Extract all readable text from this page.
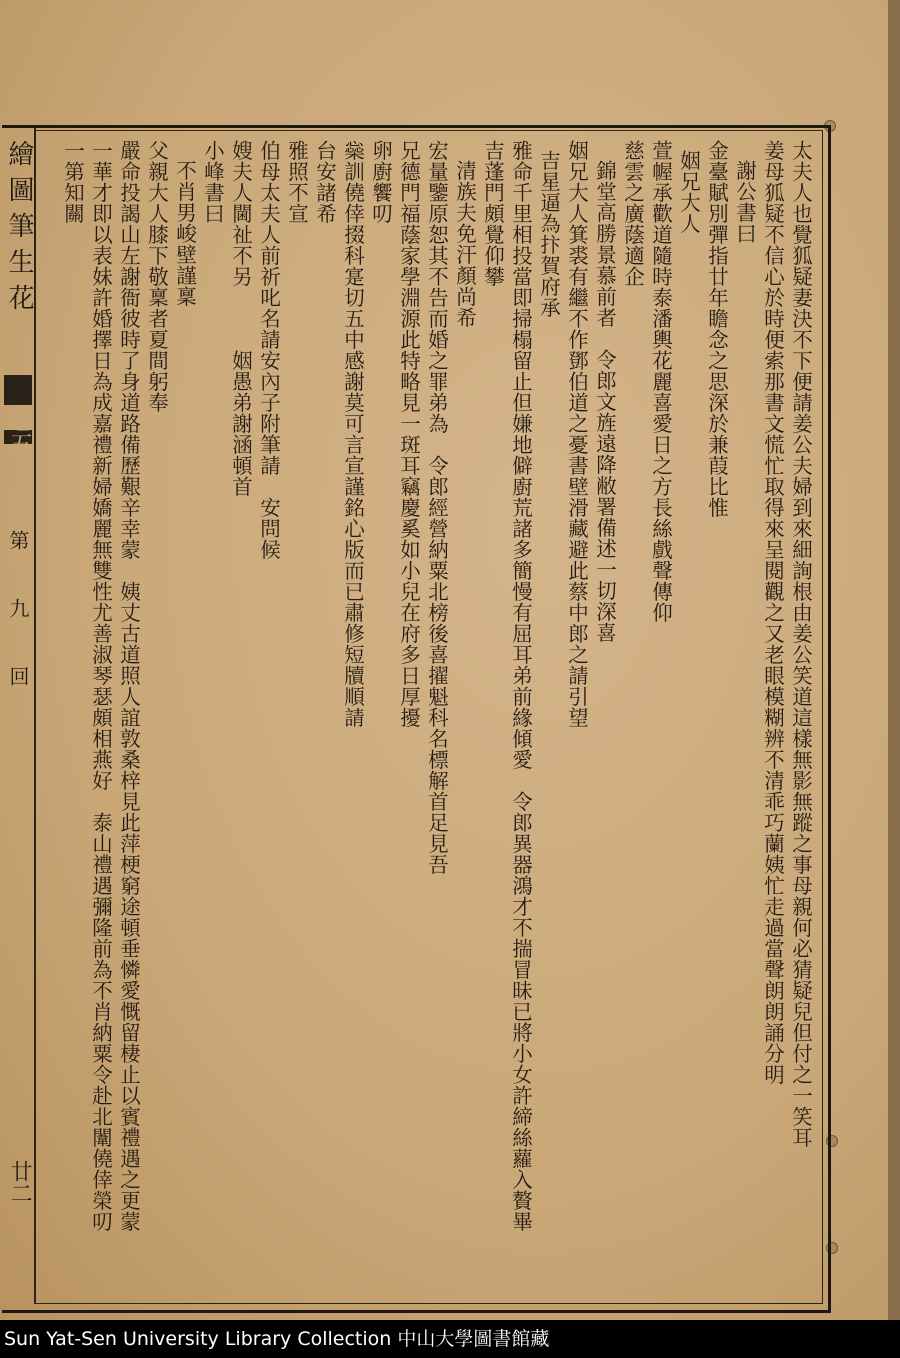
繪圖筆生花
卷五
第　九　回
廿二
太夫人也覺狐疑妻決不下便請姜公夫婦到來細詢根由姜公笑道這樣無影無蹤之事母親何必猜疑兒但付之一笑耳
姜母狐疑不信心於時便索那書文慌忙取得來呈閱觀之又老眼模糊辨不清乖巧蘭姨忙走過當聲朗朗誦分明
謝公書曰
金臺賦別彈指廿年瞻念之思深於兼葭比惟
姻兄大人
萱幄承歡道隨時泰潘輿花麗喜愛日之方長絲戲聲傳仰
慈雲之廣蔭適企
錦堂高勝景慕前者　令郎文旌遠降敝署備述一切深喜
姻兄大人箕裘有繼不作鄧伯道之憂書壁滑藏避此蔡中郎之請引望
吉星逼為抃賀府承
雅命千里相投當即掃榻留止但嫌地僻廚荒諸多簡慢有屈耳弟前緣傾愛　令郎異器鴻才不揣冒昧已將小女許締絲蘿入贅畢
吉蓬門頗覺仰攀
清族夫免汗顏尚希
宏量鑒原恕其不告而婚之罪弟為　令郎經營納粟北榜後喜擢魁科名標解首足見吾
兄德門福蔭家學淵源此特略見一斑耳竊慶奚如小兒在府多日厚擾
卵廚饗叨
橤訓僥倖掇科寔切五中感謝莫可言宣謹銘心版而已肅修短牘順請
台安諸希
雅照不宣
伯母太夫人前祈叱名請安內子附筆請　安問候
嫂夫人閫祉不另　　　姻愚弟謝涵頓首
小峰書曰
不肖男峻壁謹稟
父親大人膝下敬稟者夏間躬奉
嚴命投謁山左謝衙彼時了身道路備歷艱辛幸蒙　姨丈古道照人誼敦桑梓見此萍梗窮途頓垂憐愛慨留棲止以賓禮遇之更蒙
一華才即以表妹許婚擇日為成嘉禮新婦嬌麗無雙性尤善淑琴瑟頗相燕好　泰山禮遇彌隆前為不肖納粟令赴北闈僥倖榮叨
一第知關
Sun Yat-Sen University Library Collection 中山大學圖書館藏
